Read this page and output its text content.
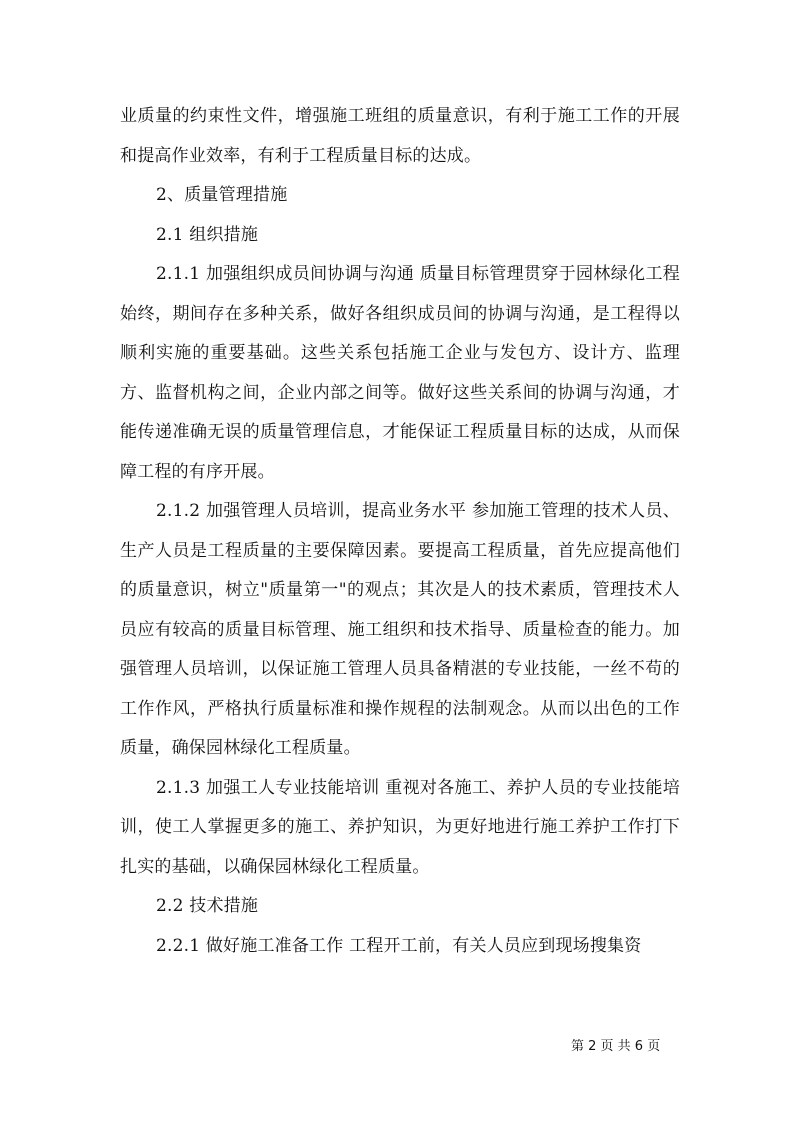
业质量的约束性文件，增强施工班组的质量意识，有利于施工工作的开展和提高作业效率，有利于工程质量目标的达成。

2、质量管理措施

2.1 组织措施

2.1.1 加强组织成员间协调与沟通 质量目标管理贯穿于园林绿化工程始终，期间存在多种关系，做好各组织成员间的协调与沟通，是工程得以顺利实施的重要基础。这些关系包括施工企业与发包方、设计方、监理方、监督机构之间，企业内部之间等。做好这些关系间的协调与沟通，才能传递准确无误的质量管理信息，才能保证工程质量目标的达成，从而保障工程的有序开展。

2.1.2 加强管理人员培训，提高业务水平 参加施工管理的技术人员、生产人员是工程质量的主要保障因素。要提高工程质量，首先应提高他们的质量意识，树立"质量第一"的观点；其次是人的技术素质，管理技术人员应有较高的质量目标管理、施工组织和技术指导、质量检查的能力。加强管理人员培训，以保证施工管理人员具备精湛的专业技能，一丝不苟的工作作风，严格执行质量标准和操作规程的法制观念。从而以出色的工作质量，确保园林绿化工程质量。

2.1.3 加强工人专业技能培训 重视对各施工、养护人员的专业技能培训，使工人掌握更多的施工、养护知识，为更好地进行施工养护工作打下扎实的基础，以确保园林绿化工程质量。

2.2 技术措施

2.2.1 做好施工准备工作 工程开工前，有关人员应到现场搜集资

第 2 页 共 6 页
